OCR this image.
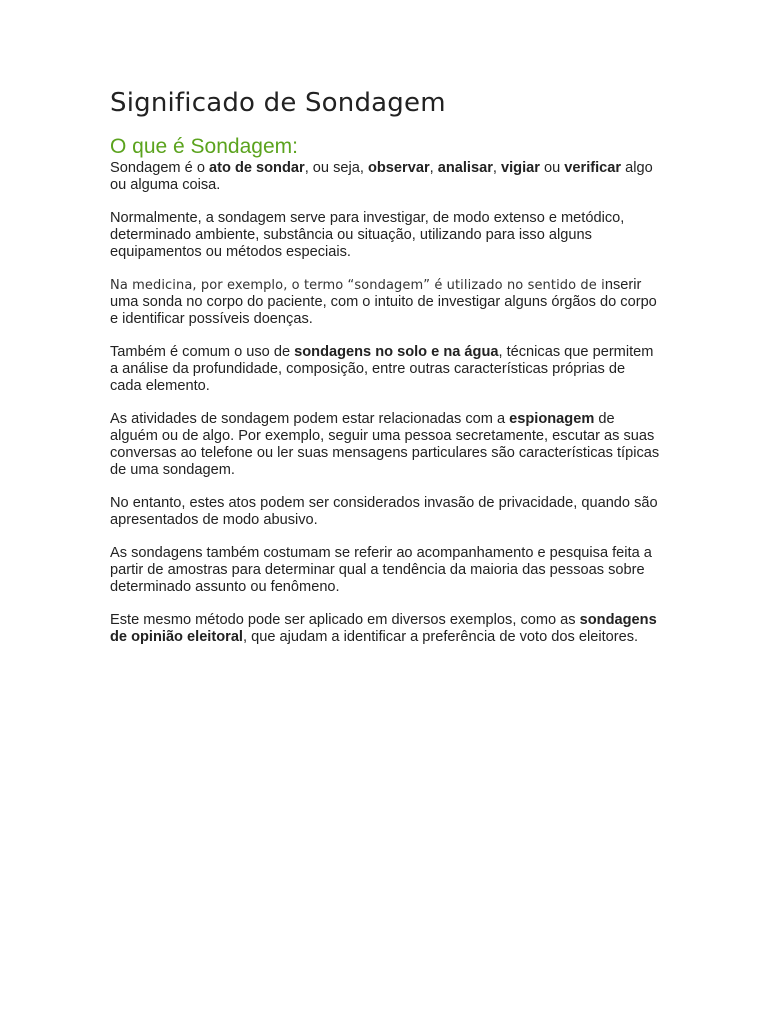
Significado de Sondagem
O que é Sondagem:

Sondagem é o ato de sondar, ou seja, observar, analisar, vigiar ou verificar algo ou alguma coisa.

Normalmente, a sondagem serve para investigar, de modo extenso e metódico, determinado ambiente, substância ou situação, utilizando para isso alguns equipamentos ou métodos especiais.

Na medicina, por exemplo, o termo “sondagem” é utilizado no sentido de inserir uma sonda no corpo do paciente, com o intuito de investigar alguns órgãos do corpo e identificar possíveis doenças.

Também é comum o uso de sondagens no solo e na água, técnicas que permitem a análise da profundidade, composição, entre outras características próprias de cada elemento.

As atividades de sondagem podem estar relacionadas com a espionagem de alguém ou de algo. Por exemplo, seguir uma pessoa secretamente, escutar as suas conversas ao telefone ou ler suas mensagens particulares são características típicas de uma sondagem.

No entanto, estes atos podem ser considerados invasão de privacidade, quando são apresentados de modo abusivo.

As sondagens também costumam se referir ao acompanhamento e pesquisa feita a partir de amostras para determinar qual a tendência da maioria das pessoas sobre determinado assunto ou fenômeno.

Este mesmo método pode ser aplicado em diversos exemplos, como as sondagens de opinião eleitoral, que ajudam a identificar a preferência de voto dos eleitores.
